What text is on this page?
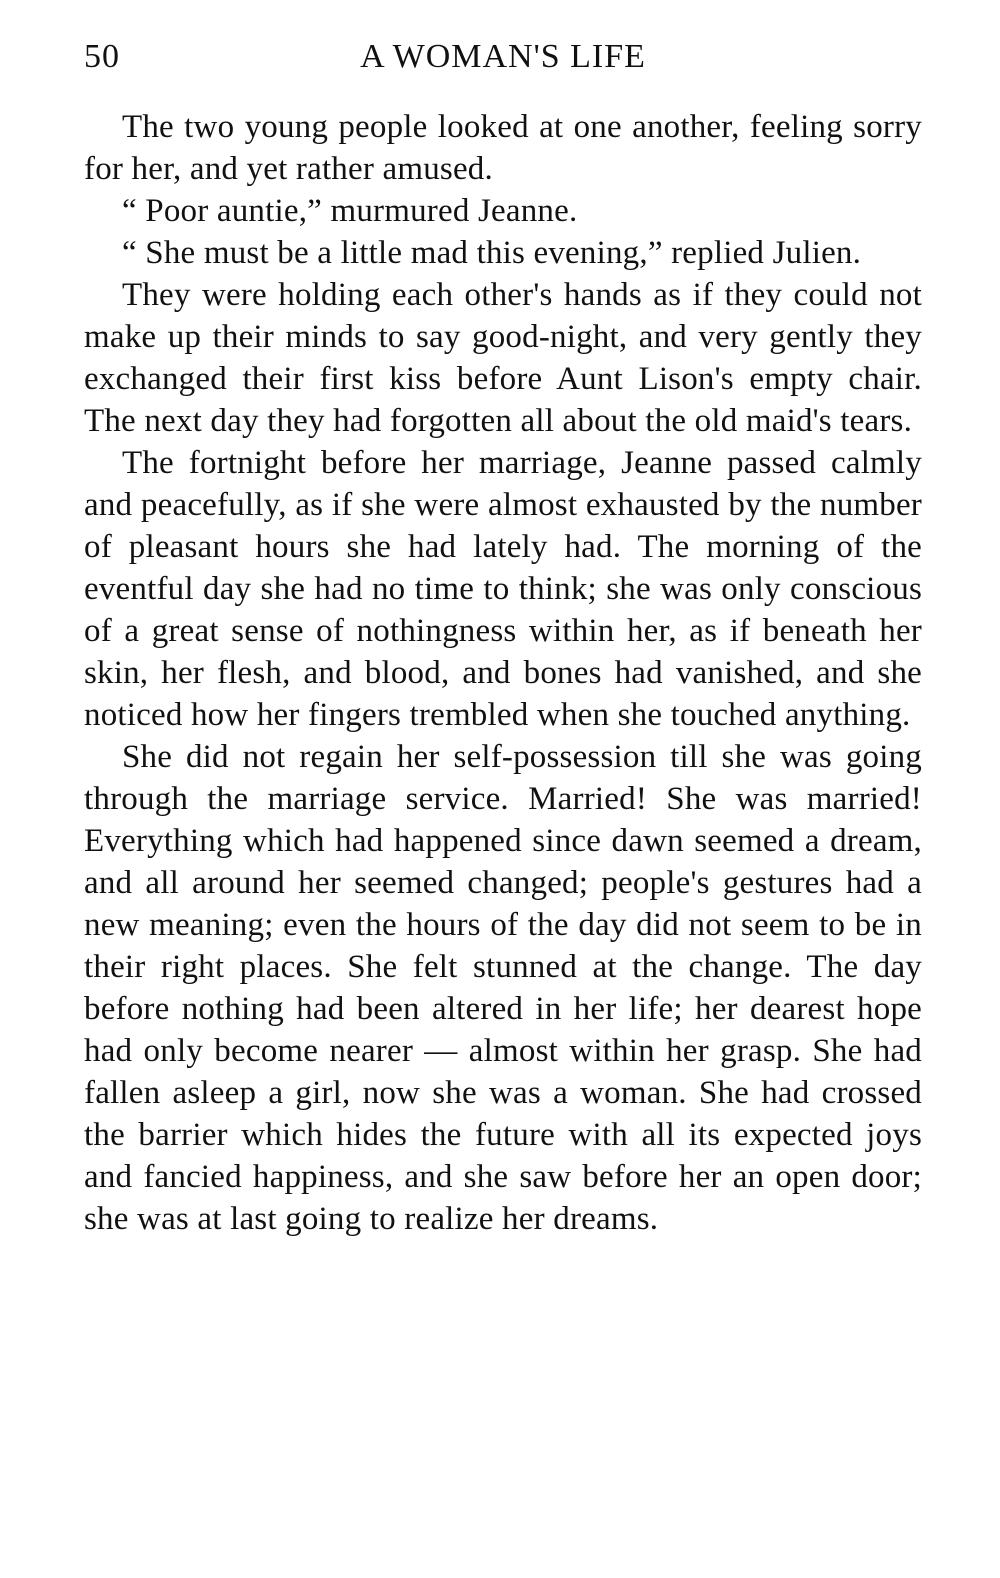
50	A WOMAN'S LIFE

The two young people looked at one another, feeling sorry for her, and yet rather amused.

“ Poor auntie,” murmured Jeanne.

“ She must be a little mad this evening,” replied Julien.

They were holding each other's hands as if they could not make up their minds to say good-night, and very gently they exchanged their first kiss before Aunt Lison's empty chair. The next day they had forgotten all about the old maid's tears.

The fortnight before her marriage, Jeanne passed calmly and peacefully, as if she were almost exhausted by the number of pleasant hours she had lately had. The morning of the eventful day she had no time to think; she was only conscious of a great sense of nothingness within her, as if beneath her skin, her flesh, and blood, and bones had vanished, and she noticed how her fingers trembled when she touched anything.

She did not regain her self-possession till she was going through the marriage service. Married! She was married! Everything which had happened since dawn seemed a dream, and all around her seemed changed; people's gestures had a new meaning; even the hours of the day did not seem to be in their right places. She felt stunned at the change. The day before nothing had been altered in her life; her dearest hope had only become nearer — almost within her grasp. She had fallen asleep a girl, now she was a woman. She had crossed the barrier which hides the future with all its expected joys and fancied happiness, and she saw before her an open door; she was at last going to realize her dreams.
